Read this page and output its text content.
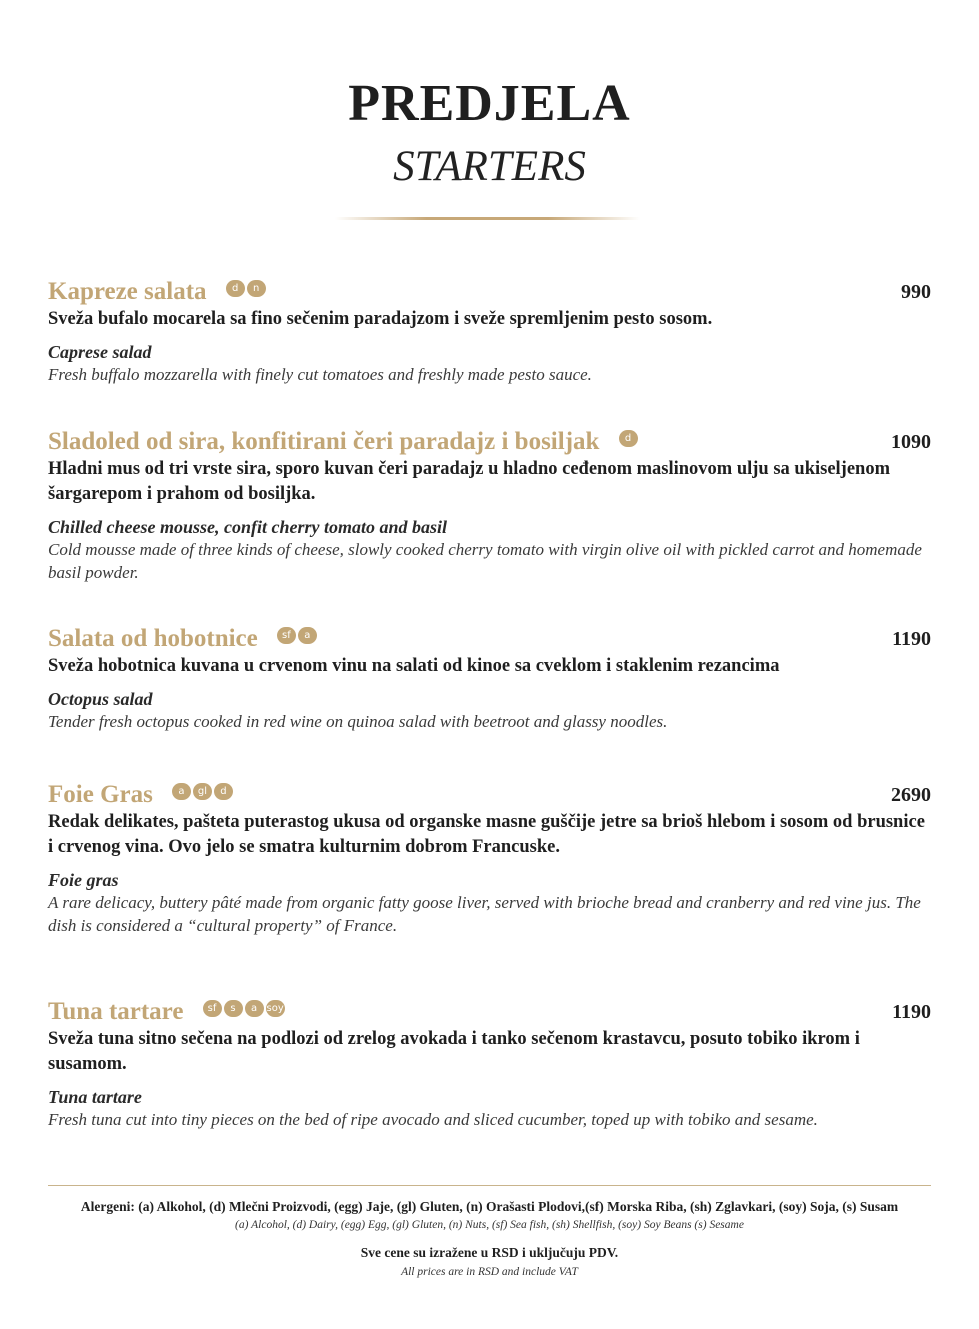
PREDJELA
STARTERS
Kapreze salata	d n	990
Sveža bufalo mocarela sa fino sečenim paradajzom i sveže spremljenim pesto sosom.
Caprese salad
Fresh buffalo mozzarella with finely cut tomatoes and freshly made pesto sauce.
Sladoled od sira, konfitirani čeri paradajz i bosiljak	d	1090
Hladni mus od tri vrste sira, sporo kuvan čeri paradajz u hladno ceđenom maslinovom ulju sa ukiseljenom šargarepom i prahom od bosiljka.
Chilled cheese mousse, confit cherry tomato and basil
Cold mousse made of three kinds of cheese, slowly cooked cherry tomato with virgin olive oil with pickled carrot and homemade basil powder.
Salata od hobotnice sf a	1190
Sveža hobotnica kuvana u crvenom vinu na salati od kinoe sa cveklom i staklenim rezancima
Octopus salad
Tender fresh octopus cooked in red wine on quinoa salad with beetroot and glassy noodles.
Foie Gras	a gl d	2690
Redak delikates, pašteta puterastog ukusa od organske masne guščije jetre sa brioš hlebom i sosom od brusnice i crvenog vina. Ovo jelo se smatra kulturnim dobrom Francuske.
Foie gras
A rare delicacy, buttery pâté made from organic fatty goose liver, served with brioche bread and cranberry and red vine jus. The dish is considered a “cultural property” of France.
Tuna tartare sf s a soy	1190
Sveža tuna sitno sečena na podlozi od zrelog avokada i tanko sečenom krastavcu, posuto tobiko ikrom i susamom.
Tuna tartare
Fresh tuna cut into tiny pieces on the bed of ripe avocado and sliced cucumber, toped up with tobiko and sesame.
Alergeni: (a) Alkohol, (d) Mlečni Proizvodi, (egg) Jaje, (gl) Gluten, (n) Orašasti Plodovi,(sf) Morska Riba, (sh) Zglavkari, (soy) Soja, (s) Susam
(a) Alcohol, (d) Dairy, (egg) Egg, (gl) Gluten, (n) Nuts, (sf) Sea fish, (sh) Shellfish, (soy) Soy Beans (s) Sesame
Sve cene su izražene u RSD i uključuju PDV.
All prices are in RSD and include VAT
